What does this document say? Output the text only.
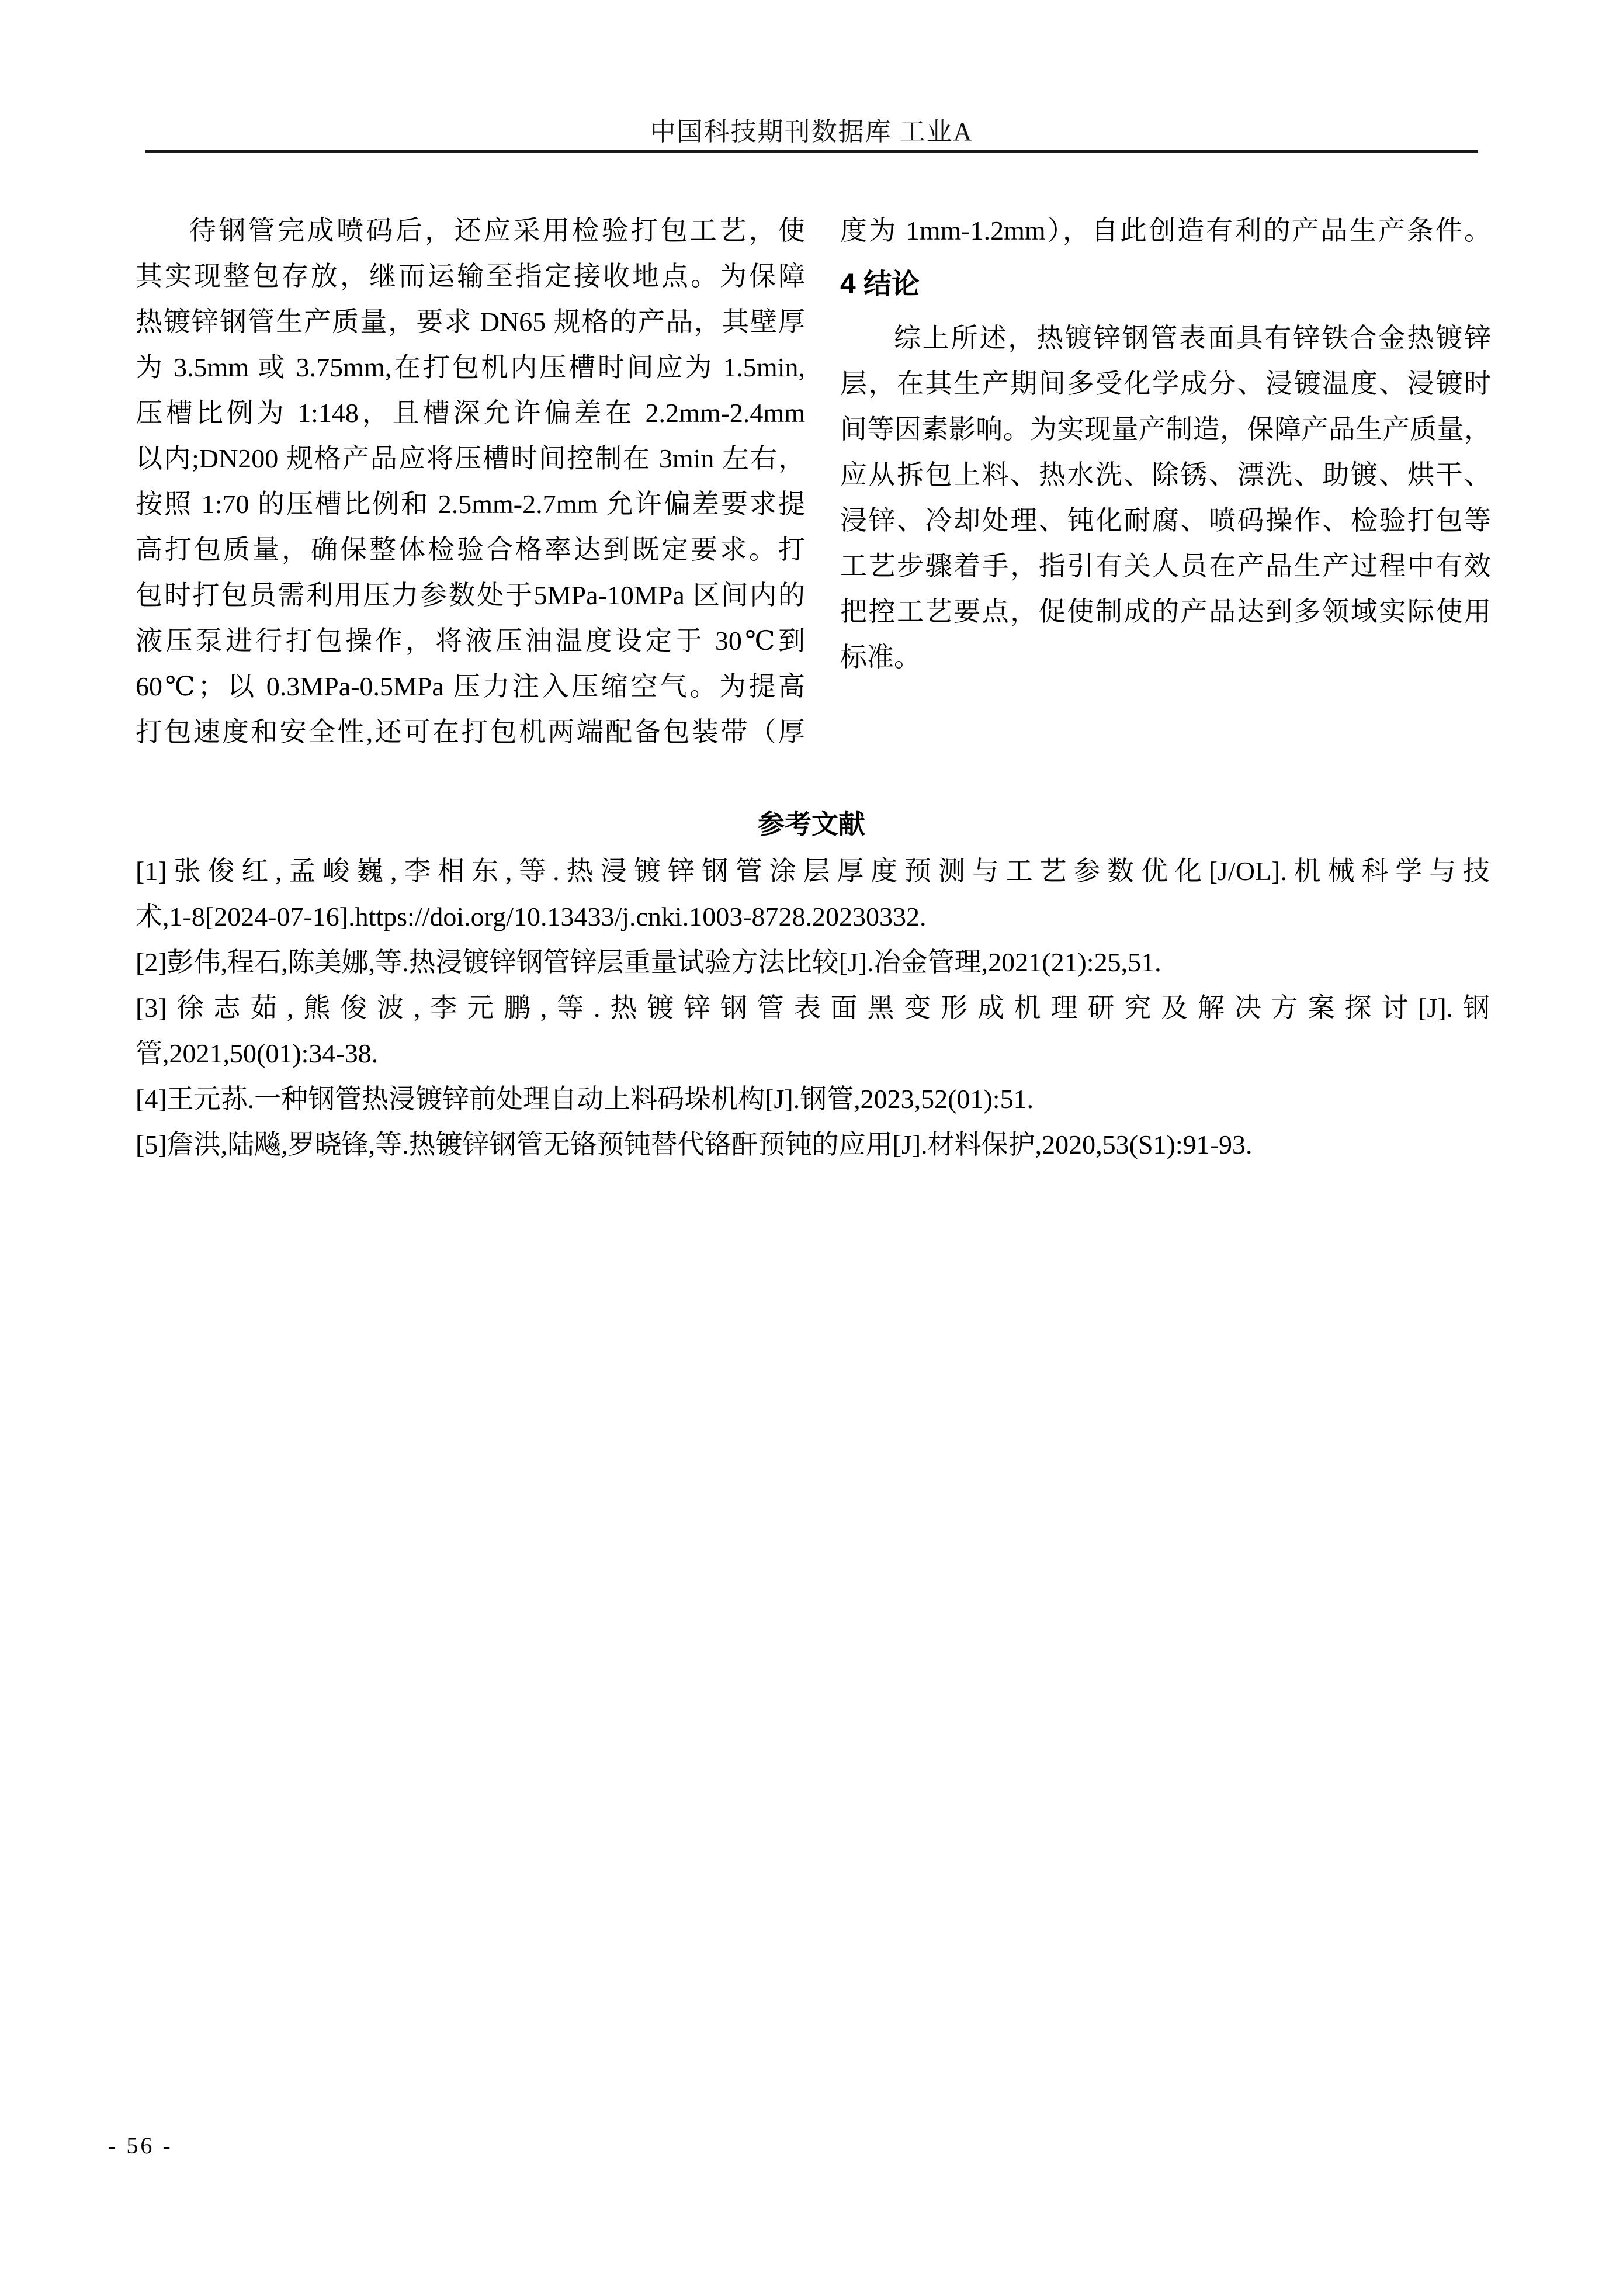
中国科技期刊数据库 工业A
待钢管完成喷码后，还应采用检验打包工艺，使
其实现整包存放，继而运输至指定接收地点。为保障
热镀锌钢管生产质量，要求 DN65 规格的产品，其壁厚
为 3.5mm 或 3.75mm,在打包机内压槽时间应为 1.5min,
压槽比例为 1:148，且槽深允许偏差在 2.2mm-2.4mm
以内;DN200 规格产品应将压槽时间控制在 3min 左右，
按照 1:70 的压槽比例和 2.5mm-2.7mm 允许偏差要求提
高打包质量，确保整体检验合格率达到既定要求。打
包时打包员需利用压力参数处于5MPa-10MPa 区间内的
液压泵进行打包操作，将液压油温度设定于 30℃到
60℃；以 0.3MPa-0.5MPa 压力注入压缩空气。为提高
打包速度和安全性,还可在打包机两端配备包装带（厚
度为 1mm-1.2mm），自此创造有利的产品生产条件。
4 结论
综上所述，热镀锌钢管表面具有锌铁合金热镀锌
层，在其生产期间多受化学成分、浸镀温度、浸镀时
间等因素影响。为实现量产制造，保障产品生产质量，
应从拆包上料、热水洗、除锈、漂洗、助镀、烘干、
浸锌、冷却处理、钝化耐腐、喷码操作、检验打包等
工艺步骤着手，指引有关人员在产品生产过程中有效
把控工艺要点，促使制成的产品达到多领域实际使用
标准。
参考文献
[1]张俊红,孟峻巍,李相东,等.热浸镀锌钢管涂层厚度预测与工艺参数优化[J/OL].机械科学与技
术,1-8[2024-07-16].https://doi.org/10.13433/j.cnki.1003-8728.20230332.
[2]彭伟,程石,陈美娜,等.热浸镀锌钢管锌层重量试验方法比较[J].冶金管理,2021(21):25,51.
[3]徐志茹,熊俊波,李元鹏,等.热镀锌钢管表面黑变形成机理研究及解决方案探讨[J].钢
管,2021,50(01):34-38.
[4]王元荪.一种钢管热浸镀锌前处理自动上料码垛机构[J].钢管,2023,52(01):51.
[5]詹洪,陆飚,罗晓锋,等.热镀锌钢管无铬预钝替代铬酐预钝的应用[J].材料保护,2020,53(S1):91-93.
- 56 -
